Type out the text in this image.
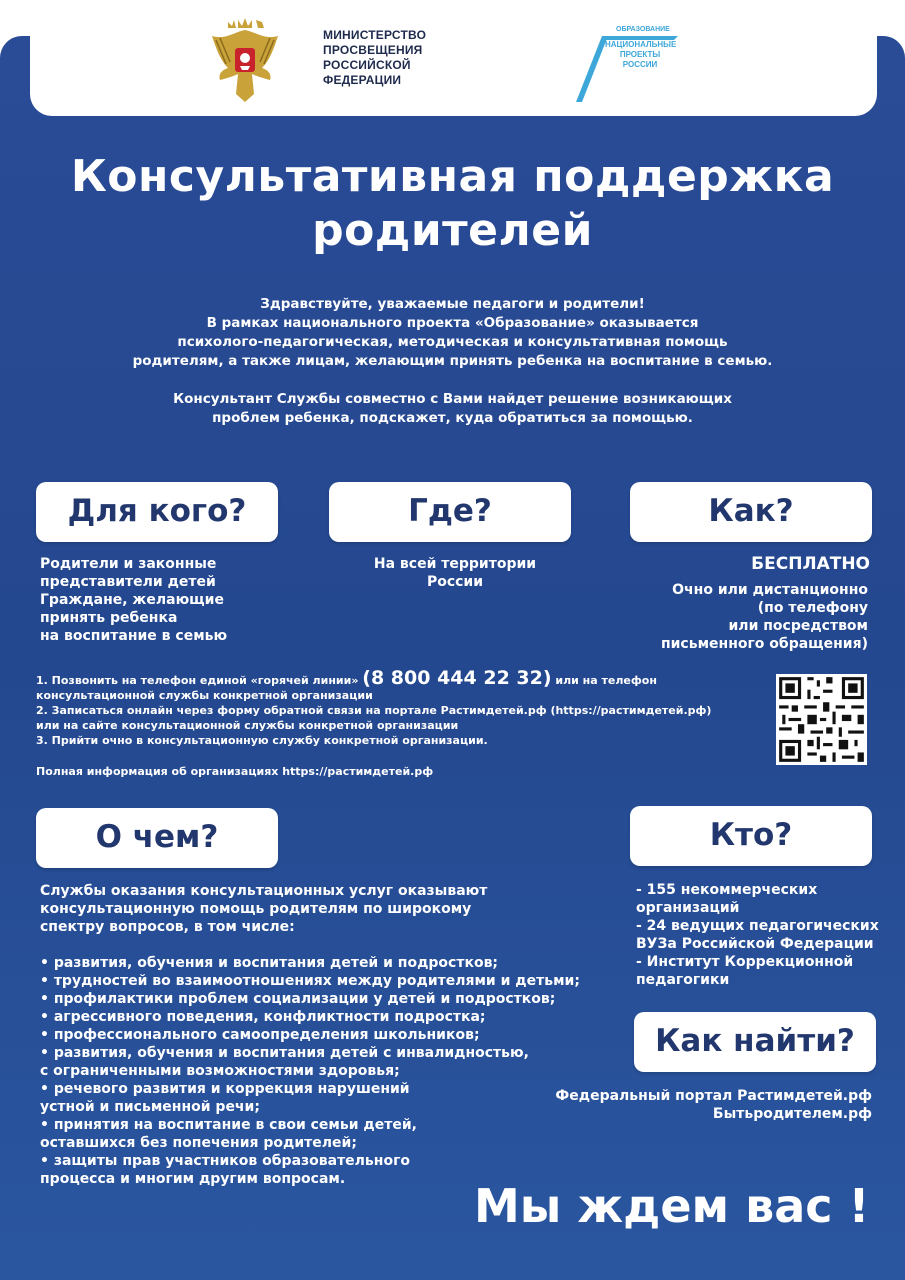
МИНИСТЕРСТВО
ПРОСВЕЩЕНИЯ
РОССИЙСКОЙ
ФЕДЕРАЦИИ
ОБРАЗОВАНИЕ
НАЦИОНАЛЬНЫЕ
ПРОЕКТЫ
РОССИИ
Консультативная поддержка
родителей

Здравствуйте, уважаемые педагоги и родители!
В рамках национального проекта «Образование» оказывается
психолого-педагогическая, методическая и консультативная помощь
родителям, а также лицам, желающим принять ребенка на воспитание в семью.

Консультант Службы совместно с Вами найдет решение возникающих
проблем ребенка, подскажет, куда обратиться за помощью.

Для кого?	Где?	Как?
Родители и законные
представители детей
Граждане, желающие
принять ребенка
на воспитание в семью
На всей территории
России
БЕСПЛАТНО
Очно или дистанционно
(по телефону
или посредством
письменного обращения)
1. Позвонить на телефон единой «горячей линии» (8 800 444 22 32) или на телефон
консультационной службы конкретной организации
2. Записаться онлайн через форму обратной связи на портале Растимдетей.рф (https://растимдетей.рф)
или на сайте консультационной службы конкретной организации
3. Прийти очно в консультационную службу конкретной организации.
Полная информация об организациях https://растимдетей.рф
О чем?	Кто?
Службы оказания консультационных услуг оказывают
консультационную помощь родителям по широкому
спектру вопросов, в том числе:
• развития, обучения и воспитания детей и подростков;
• трудностей во взаимоотношениях между родителями и детьми;
• профилактики проблем социализации у детей и подростков;
• агрессивного поведения, конфликтности подростка;
• профессионального самоопределения школьников;
• развития, обучения и воспитания детей с инвалидностью,
с ограниченными возможностями здоровья;
• речевого развития и коррекция нарушений
устной и письменной речи;
• принятия на воспитание в свои семьи детей,
оставшихся без попечения родителей;
• защиты прав участников образовательного
процесса и многим другим вопросам.
- 155 некоммерческих
организаций
- 24 ведущих педагогических
ВУЗа Российской Федерации
- Институт Коррекционной
педагогики
Как найти?
Федеральный портал Растимдетей.рф
Бытьродителем.рф
Мы ждем вас !
